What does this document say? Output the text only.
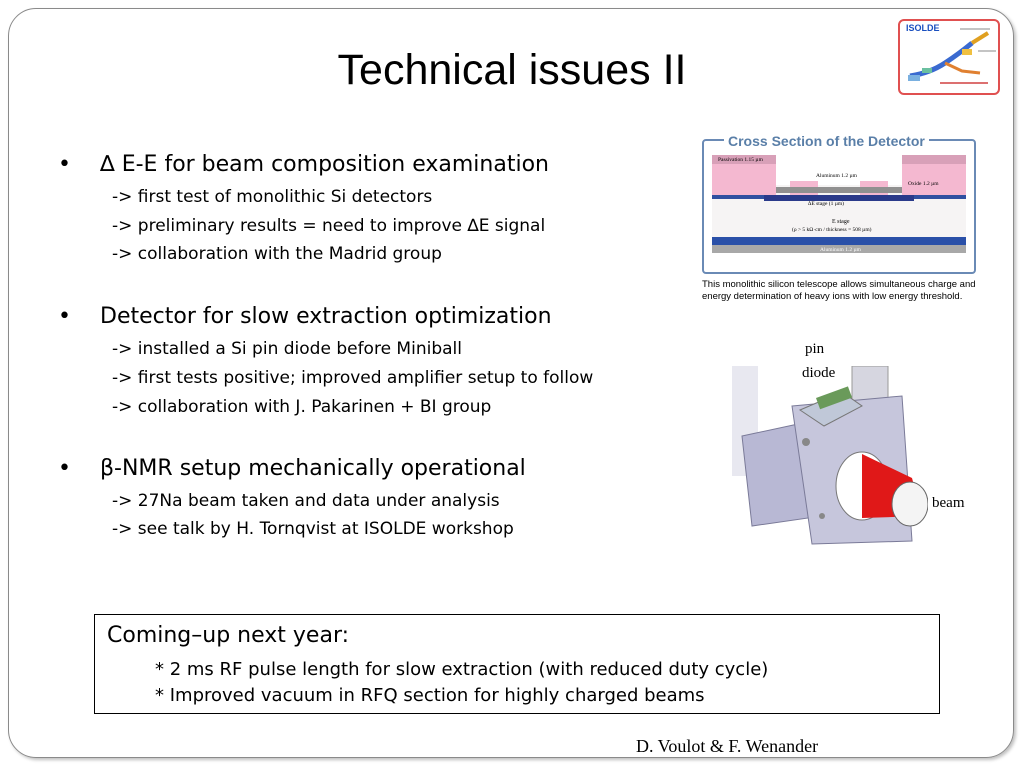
Technical issues II
ISOLDE
• ∆ E-E for beam composition examination
-> first test of monolithic Si detectors
-> preliminary results = need to improve ∆E signal
-> collaboration with the Madrid group
• Detector for slow extraction optimization
-> installed a Si pin diode before Miniball
-> first tests positive; improved amplifier setup to follow
-> collaboration with J. Pakarinen + BI group
• β-NMR setup mechanically operational
-> 27Na beam taken and data under analysis
-> see talk by H. Tornqvist at ISOLDE workshop
Passivation 1.15 µm
Aluminum 1.2 µm
Oxide 1.2 µm
∆E stage (1 µm)
E stage
(ρ > 5 kΩ·cm / thickness = 508 µm)
Aluminum 1.2 µm
Cross Section of the Detector
This monolithic silicon telescope allows simultaneous charge and energy determination of heavy ions with low energy threshold.
pin
diode
beam
Coming–up next year:
* 2 ms RF pulse length for slow extraction (with reduced duty cycle)
* Improved vacuum in RFQ section for highly charged beams
D. Voulot & F. Wenander
